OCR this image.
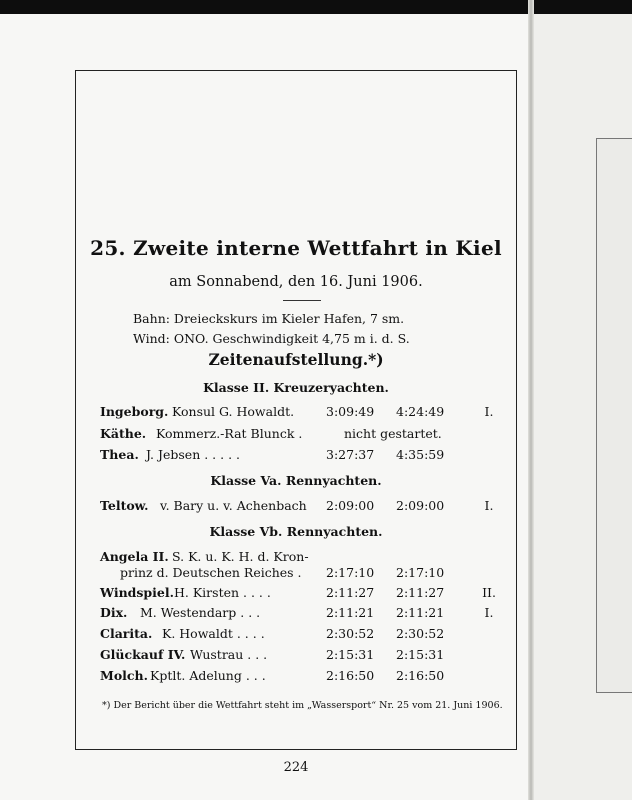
25. Zweite interne Wettfahrt in Kiel
am Sonnabend, den 16. Juni 1906.
Bahn: Dreieckskurs im Kieler Hafen, 7 sm.
Wind: ONO. Geschwindigkeit 4,75 m i. d. S.
Zeitenaufstellung.*)
Klasse II. Kreuzeryachten.
Ingeborg. Konsul G. Howaldt.	3:09:49 4:24:49	I.
Käthe. Kommerz.-Rat Blunck .	nicht gestartet.
Thea. J. Jebsen . . . . .	3:27:37 4:35:59
Klasse Va. Rennyachten.
Teltow. v. Bary u. v. Achenbach 2:09:00 2:09:00	I.
Klasse Vb. Rennyachten.
Angela II. S. K. u. K. H. d. Kron-
prinz d. Deutschen Reiches . 2:17:10 2:17:10
Windspiel. H. Kirsten . . . .	2:11:27 2:11:27	II.
Dix. M. Westendarp . . .	2:11:21 2:11:21	I.
Clarita. K. Howaldt . . . .	2:30:52 2:30:52
Glückauf IV. Wustrau . . .	2:15:31 2:15:31
Molch. Kptlt. Adelung . . .	2:16:50 2:16:50
*) Der Bericht über die Wettfahrt steht im „Wassersport“ Nr. 25 vom 21. Juni 1906.
224
